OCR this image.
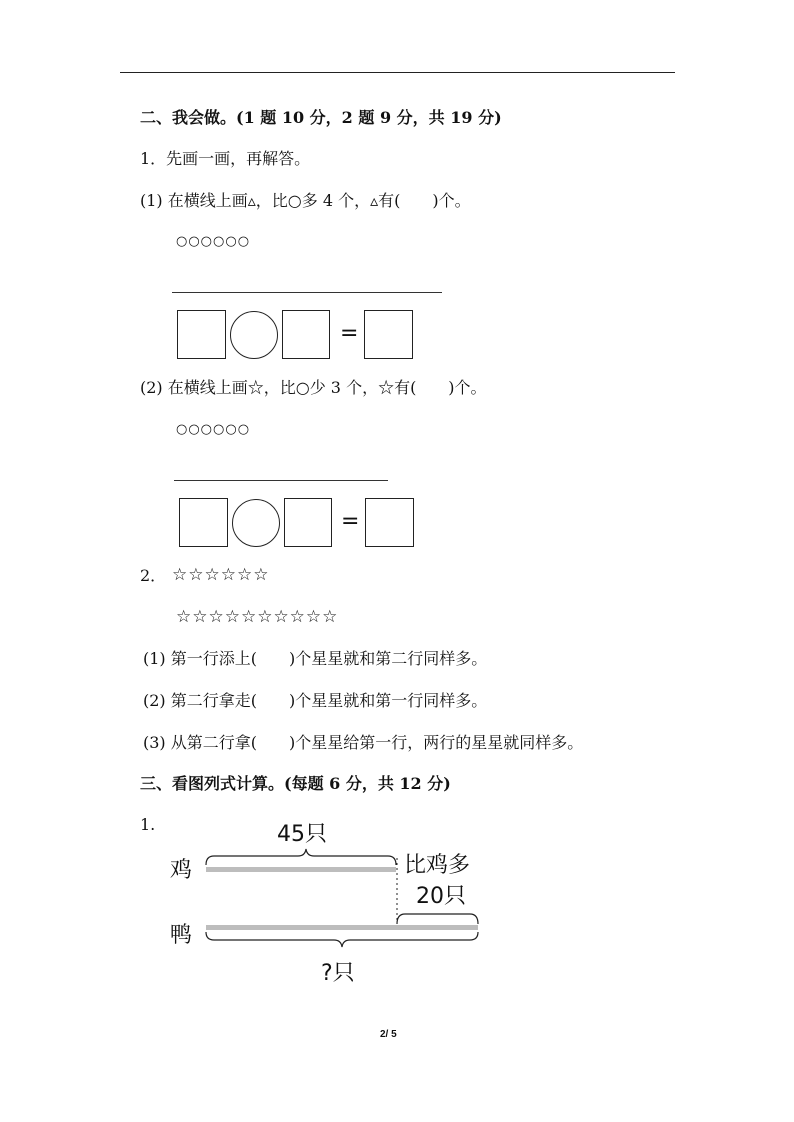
二、我会做。(1 题 10 分，2 题 9 分，共 19 分)
1．先画一画，再解答。
(1) 在横线上画▵，比○多 4 个，▵有(　　)个。
○○○○○○
=
(2) 在横线上画☆，比○少 3 个，☆有(　　)个。
○○○○○○
=
2． ☆☆☆☆☆☆
☆☆☆☆☆☆☆☆☆☆
(1) 第一行添上(　　)个星星就和第二行同样多。
(2) 第二行拿走(　　)个星星就和第一行同样多。
(3) 从第二行拿(　　)个星星给第一行，两行的星星就同样多。
三、看图列式计算。(每题 6 分，共 12 分)
1.	45只
鸡	比鸡多
20只
鸭
?只
2/ 5
